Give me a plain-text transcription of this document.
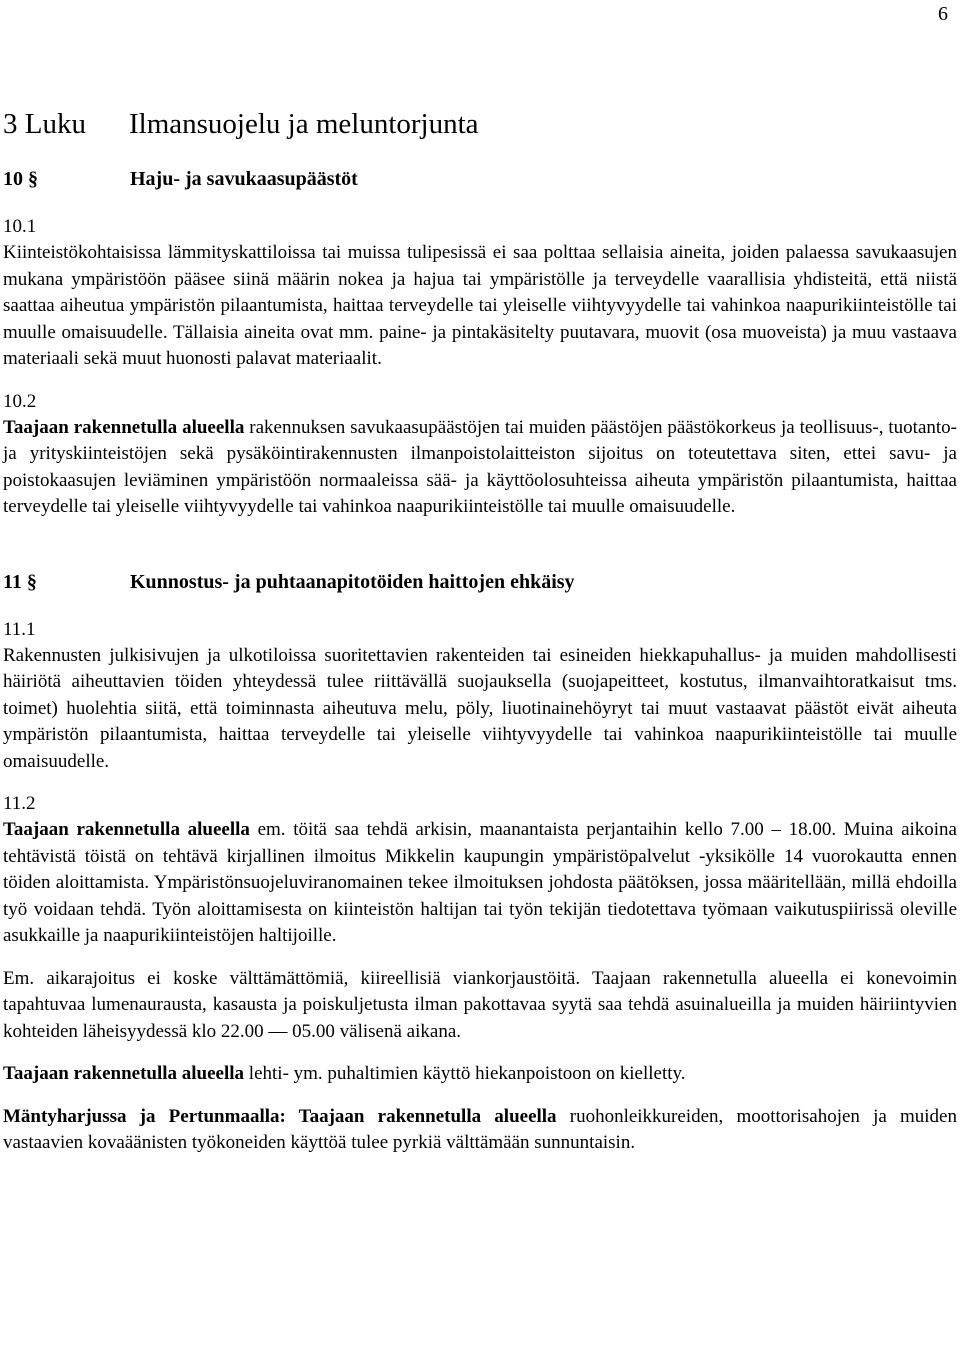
6
3 Luku	Ilmansuojelu ja meluntorjunta
10 §	Haju- ja savukaasupäästöt
10.1

Kiinteistökohtaisissa lämmityskattiloissa tai muissa tulipesissä ei saa polttaa sellaisia aineita, joiden palaessa savukaasujen mukana ympäristöön pääsee siinä määrin nokea ja hajua tai ympäristölle ja terveydelle vaarallisia yhdisteitä, että niistä saattaa aiheutua ympäristön pilaantumista, haittaa terveydelle tai yleiselle viihtyvyydelle tai vahinkoa naapurikiinteistölle tai muulle omaisuudelle. Tällaisia aineita ovat mm. paine- ja pintakäsitelty puutavara, muovit (osa muoveista) ja muu vastaava materiaali sekä muut huonosti palavat materiaalit.

10.2

Taajaan rakennetulla alueella rakennuksen savukaasupäästöjen tai muiden päästöjen päästökorkeus ja teollisuus-, tuotanto- ja yrityskiinteistöjen sekä pysäköintirakennusten ilmanpoistolaitteiston sijoitus on toteutettava siten, ettei savu- ja poistokaasujen leviäminen ympäristöön normaaleissa sää- ja käyttöolosuhteissa aiheuta ympäristön pilaantumista, haittaa terveydelle tai yleiselle viihtyvyydelle tai vahinkoa naapurikiinteistölle tai muulle omaisuudelle.

11 §	Kunnostus- ja puhtaanapitotöiden haittojen ehkäisy
11.1

Rakennusten julkisivujen ja ulkotiloissa suoritettavien rakenteiden tai esineiden hiekkapuhallus- ja muiden mahdollisesti häiriötä aiheuttavien töiden yhteydessä tulee riittävällä suojauksella (suojapeitteet, kostutus, ilmanvaihtoratkaisut tms. toimet) huolehtia siitä, että toiminnasta aiheutuva melu, pöly, liuotinainehöyryt tai muut vastaavat päästöt eivät aiheuta ympäristön pilaantumista, haittaa terveydelle tai yleiselle viihtyvyydelle tai vahinkoa naapurikiinteistölle tai muulle omaisuudelle.

11.2

Taajaan rakennetulla alueella em. töitä saa tehdä arkisin, maanantaista perjantaihin kello 7.00 – 18.00. Muina aikoina tehtävistä töistä on tehtävä kirjallinen ilmoitus Mikkelin kaupungin ympäristöpalvelut -yksikölle 14 vuorokautta ennen töiden aloittamista. Ympäristönsuojeluviranomainen tekee ilmoituksen johdosta päätöksen, jossa määritellään, millä ehdoilla työ voidaan tehdä. Työn aloittamisesta on kiinteistön haltijan tai työn tekijän tiedotettava työmaan vaikutuspiirissä oleville asukkaille ja naapurikiinteistöjen haltijoille.

Em. aikarajoitus ei koske välttämättömiä, kiireellisiä viankorjaustöitä. Taajaan rakennetulla alueella ei konevoimin tapahtuvaa lumenaurausta, kasausta ja poiskuljetusta ilman pakottavaa syytä saa tehdä asuinalueilla ja muiden häiriintyvien kohteiden läheisyydessä klo 22.00 — 05.00 välisenä aikana.

Taajaan rakennetulla alueella lehti- ym. puhaltimien käyttö hiekanpoistoon on kielletty.

Mäntyharjussa ja Pertunmaalla: Taajaan rakennetulla alueella ruohonleikkureiden, moottorisahojen ja muiden vastaavien kovaäänisten työkoneiden käyttöä tulee pyrkiä välttämään sunnuntaisin.
